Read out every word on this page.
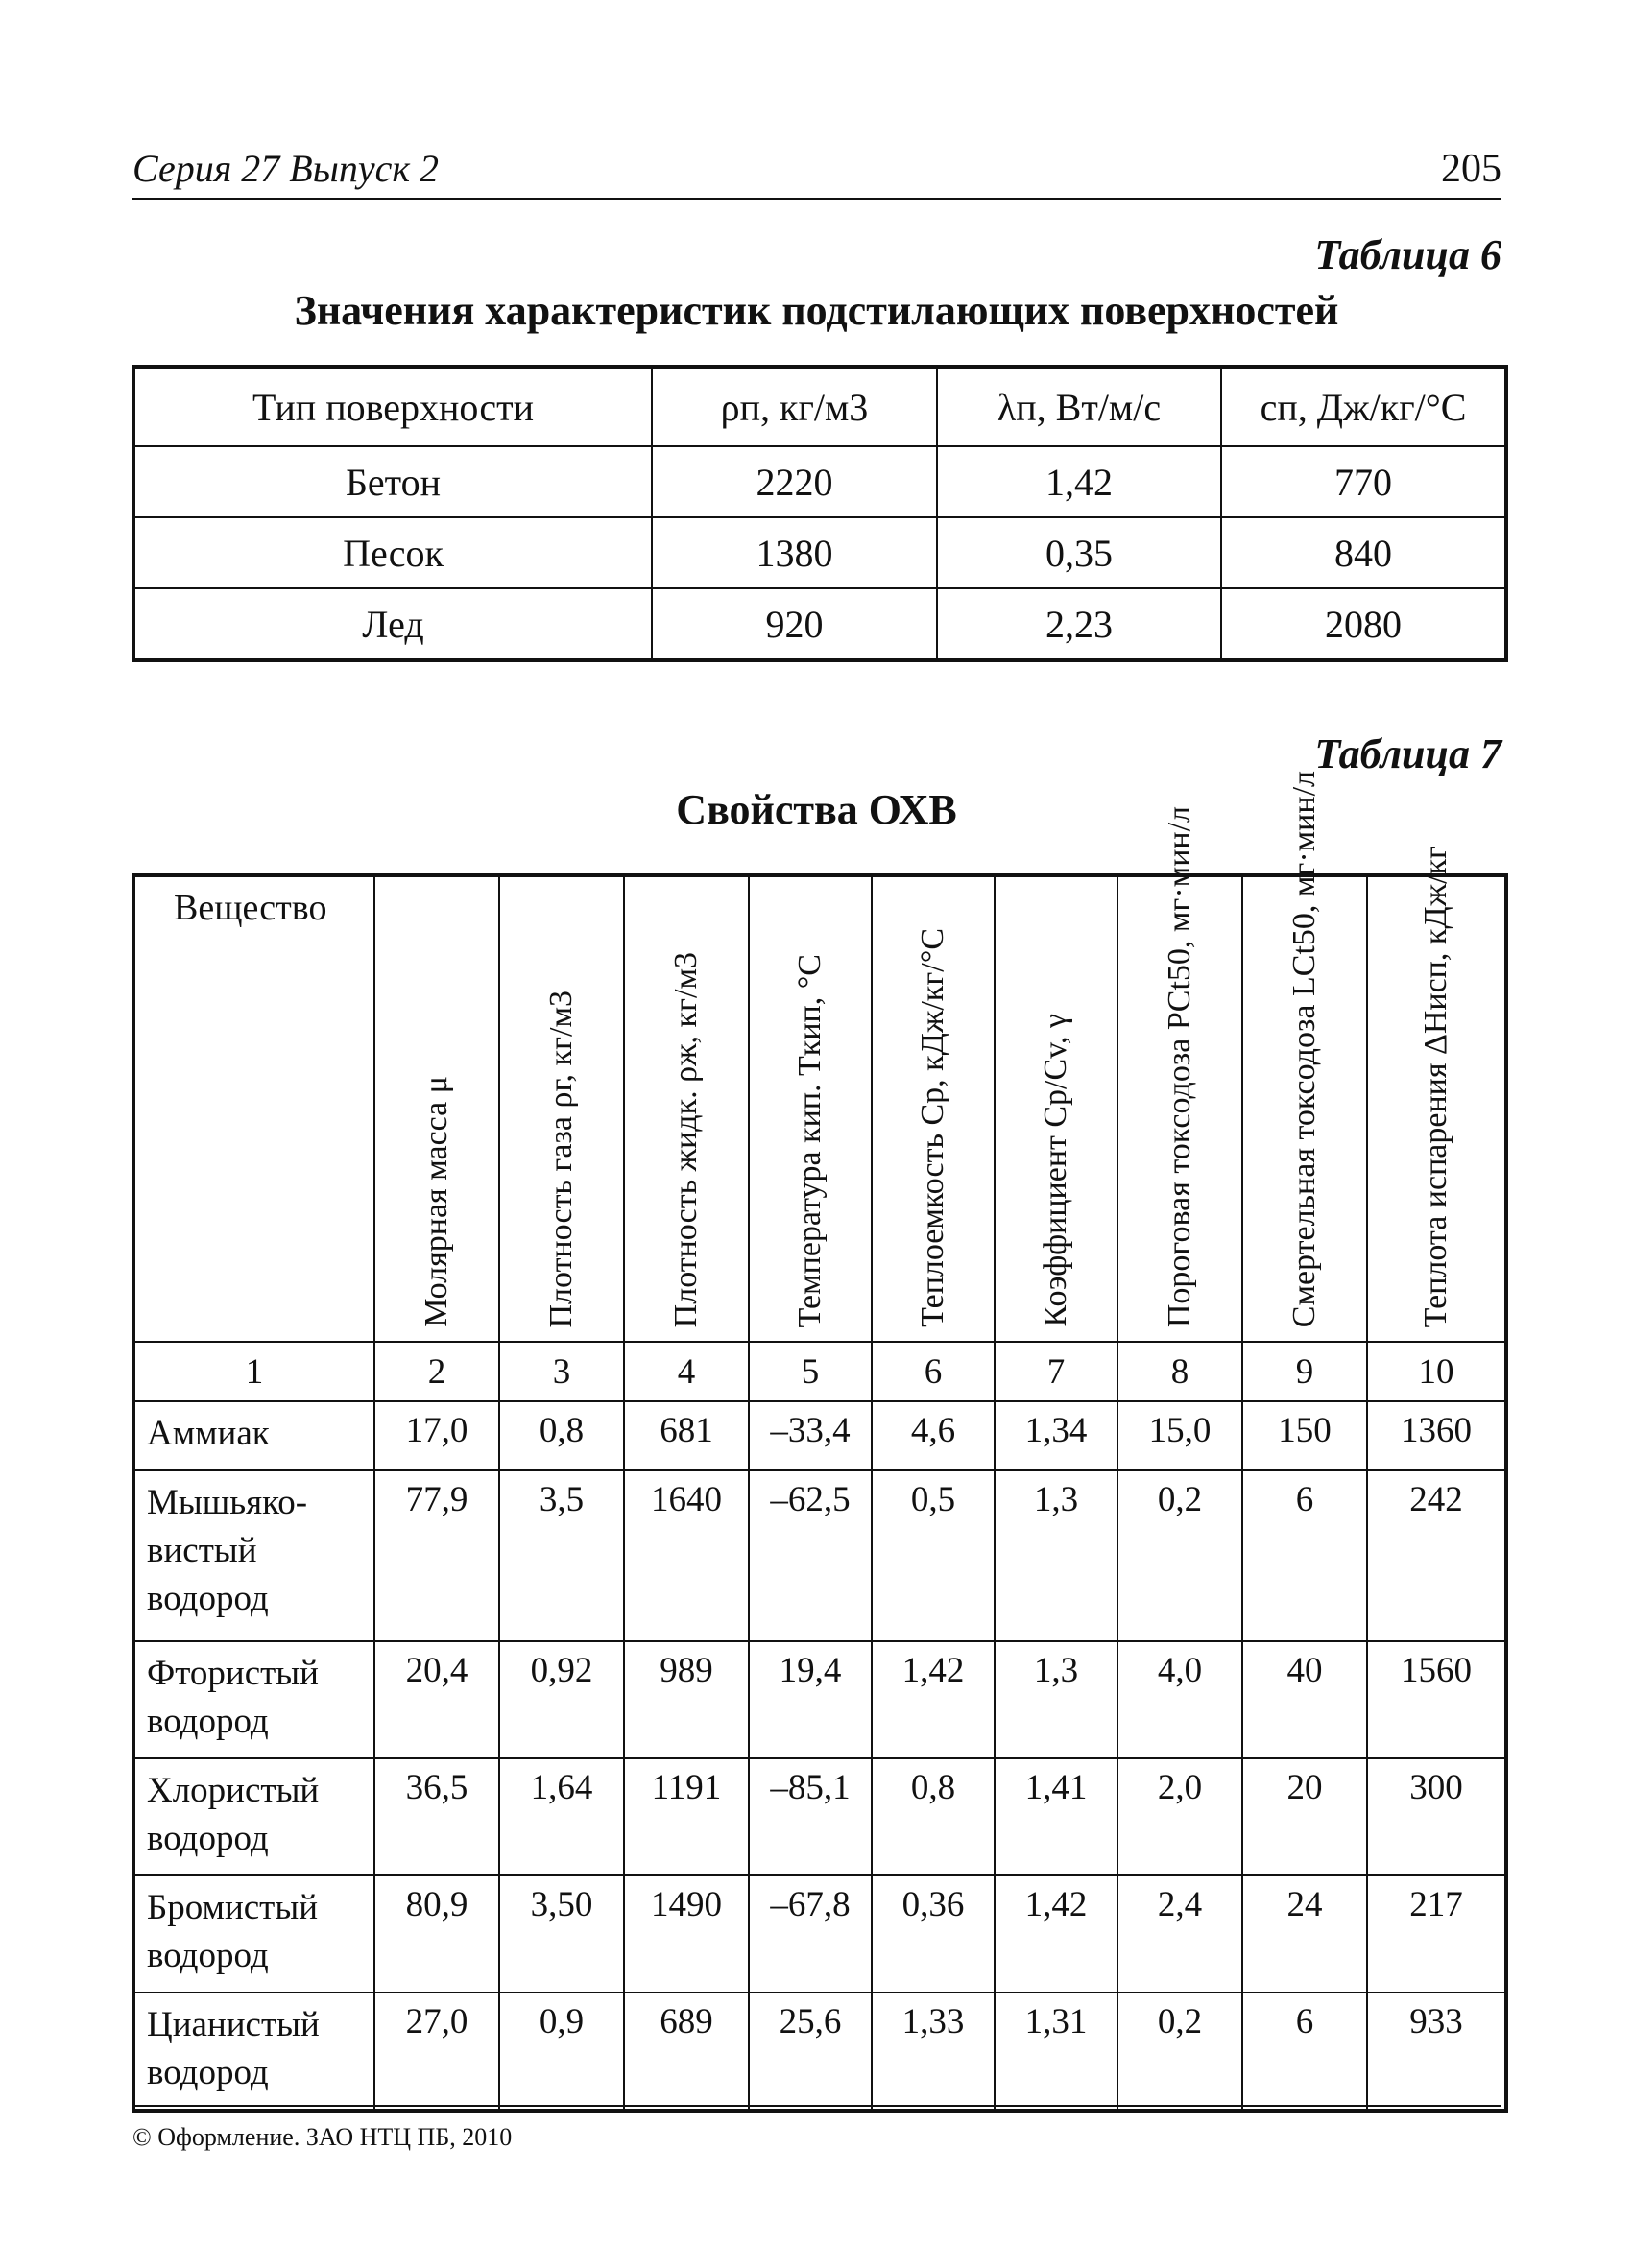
Серия 27 Выпуск 2	205
Таблица 6
Значения характеристик подстилающих поверхностей
Тип поверхности	ρп, кг/м3	λп, Вт/м/с	сп, Дж/кг/°С
Бетон	2220	1,42	770
Песок	1380	0,35	840
Лед	920	2,23	2080
Таблица 7
Свойства ОХВ
Вещество	Молярная масса μ	Плотность газа ρг, кг/м3	Плотность жидк. ρж, кг/м3	Температура кип. Tкип, °С	Теплоемкость Cp, кДж/кг/°С	Коэффициент Cp/Cv, γ	Пороговая токсодоза PCt50, мг·мин/л	Смертельная токсодоза LCt50, мг·мин/л	Теплота испарения ΔHисп, кДж/кг

1	2	3	4	5	6	7	8	9	10
Аммиак	17,0	0,8	681	–33,4	4,6	1,34	15,0	150	1360
Мышьяко-вистый водород	77,9	3,5	1640	–62,5	0,5	1,3	0,2	6	242
Фтористый водород	20,4	0,92	989	19,4	1,42	1,3	4,0	40	1560
Хлористый водород	36,5	1,64	1191	–85,1	0,8	1,41	2,0	20	300
Бромистый водород	80,9	3,50	1490	–67,8	0,36	1,42	2,4	24	217
Цианистый водород	27,0	0,9	689	25,6	1,33	1,31	0,2	6	933
© Оформление. ЗАО НТЦ ПБ, 2010
